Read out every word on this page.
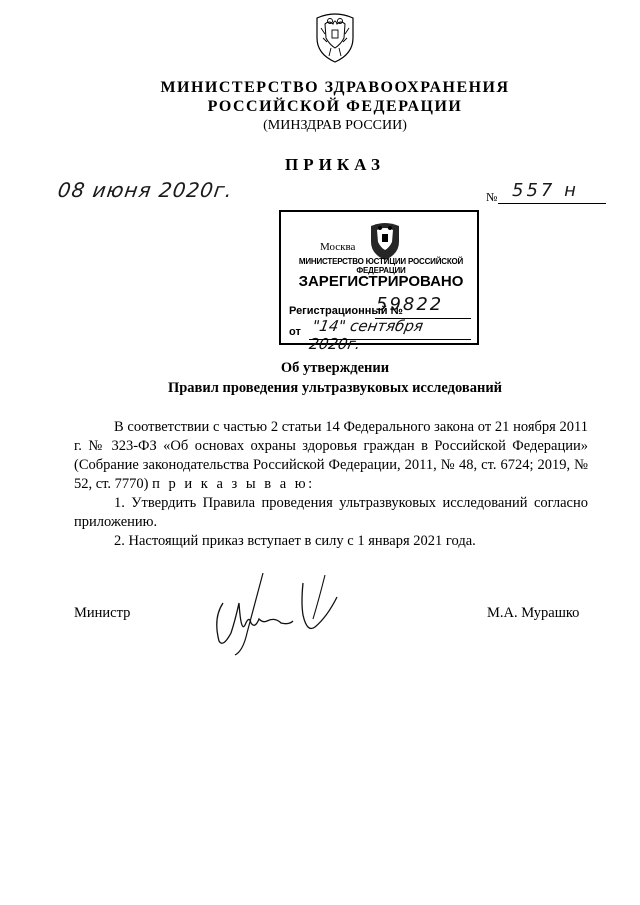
МИНИСТЕРСТВО ЗДРАВООХРАНЕНИЯ
РОССИЙСКОЙ ФЕДЕРАЦИИ
(МИНЗДРАВ РОССИИ)
ПРИКАЗ
08 июня 2020г.	№ 557 н
Москва
МИНИСТЕРСТВО ЮСТИЦИИ РОССИЙСКОЙ ФЕДЕРАЦИИ
ЗАРЕГИСТРИРОВАНО
Регистрационный №
59822
от "14" сентября 2020г.
Об утверждении
Правил проведения ультразвуковых исследований

В соответствии с частью 2 статьи 14 Федерального закона от 21 ноября 2011 г. № 323-ФЗ «Об основах охраны здоровья граждан в Российской Федерации» (Собрание законодательства Российской Федерации, 2011, № 48, ст. 6724; 2019, № 52, ст. 7770) п р и к а з ы в а ю:

1. Утвердить Правила проведения ультразвуковых исследований согласно приложению.

2. Настоящий приказ вступает в силу с 1 января 2021 года.

Министр	М.А. Мурашко
